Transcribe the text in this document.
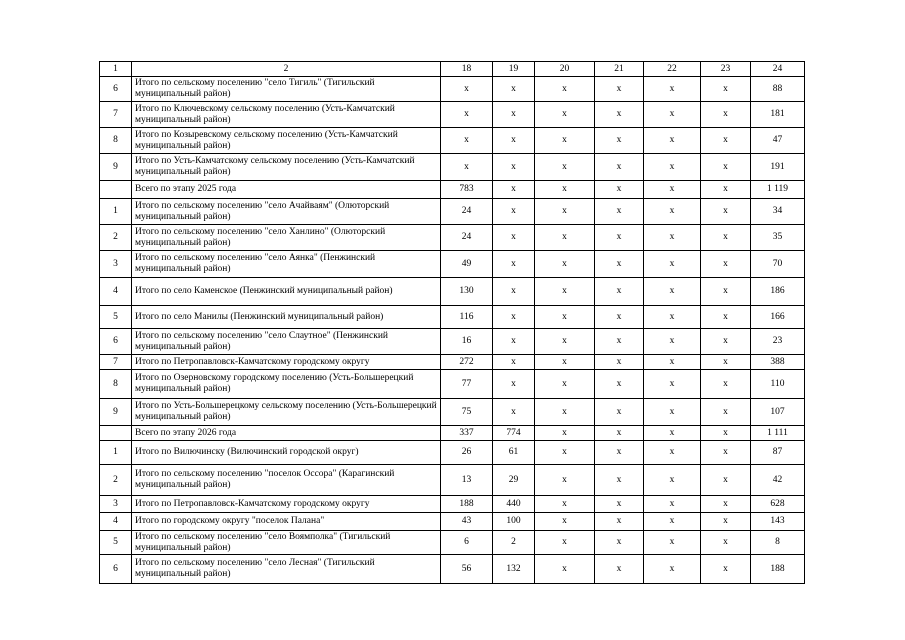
1	2	18	19	20	21	22	23	24
6	Итого по сельскому поселению "село Тигиль" (Тигильский муниципальный район)	х	х	х	х	х	х	88
7	Итого по Ключевскому сельскому поселению (Усть-Камчатский муниципальный район)	х	х	х	х	х	х	181
8	Итого по Козыревскому сельскому поселению (Усть-Камчатский муниципальный район)	х	х	х	х	х	х	47
9	Итого по Усть-Камчатскому сельскому поселению (Усть-Камчатский муниципальный район)	х	х	х	х	х	х	191
	Всего по этапу 2025 года	783	х	х	х	х	х	1 119
1	Итого по сельскому поселению "село Ачайваям" (Олюторский муниципальный район)	24	х	х	х	х	х	34
2	Итого по сельскому поселению "село Ханлино" (Олюторский муниципальный район)	24	х	х	х	х	х	35
3	Итого по сельскому поселению "село Аянка" (Пенжинский муниципальный район)	49	х	х	х	х	х	70
4	Итого по село Каменское (Пенжинский муниципальный район)	130	х	х	х	х	х	186
5	Итого по село Манилы (Пенжинский муниципальный район)	116	х	х	х	х	х	166
6	Итого по сельскому поселению "село Слаутное" (Пенжинский муниципальный район)	16	х	х	х	х	х	23
7	Итого по Петропавловск-Камчатскому городскому округу	272	х	х	х	х	х	388
8	Итого по Озерновскому городскому поселению (Усть-Большерецкий муниципальный район)	77	х	х	х	х	х	110
9	Итого по Усть-Большерецкому сельскому поселению (Усть-Большерецкий муниципальный район)	75	х	х	х	х	х	107
	Всего по этапу 2026 года	337	774	х	х	х	х	1 111
1	Итого по Вилючинску (Вилючинский городской округ)	26	61	х	х	х	х	87
2	Итого по сельскому поселению "поселок Оссора" (Карагинский муниципальный район)	13	29	х	х	х	х	42
3	Итого по Петропавловск-Камчатскому городскому округу	188	440	х	х	х	х	628
4	Итого по городскому округу "поселок Палана"	43	100	х	х	х	х	143
5	Итого по сельскому поселению "село Воямполка" (Тигильский муниципальный район)	6	2	х	х	х	х	8
6	Итого по сельскому поселению "село Лесная" (Тигильский муниципальный район)	56	132	х	х	х	х	188
